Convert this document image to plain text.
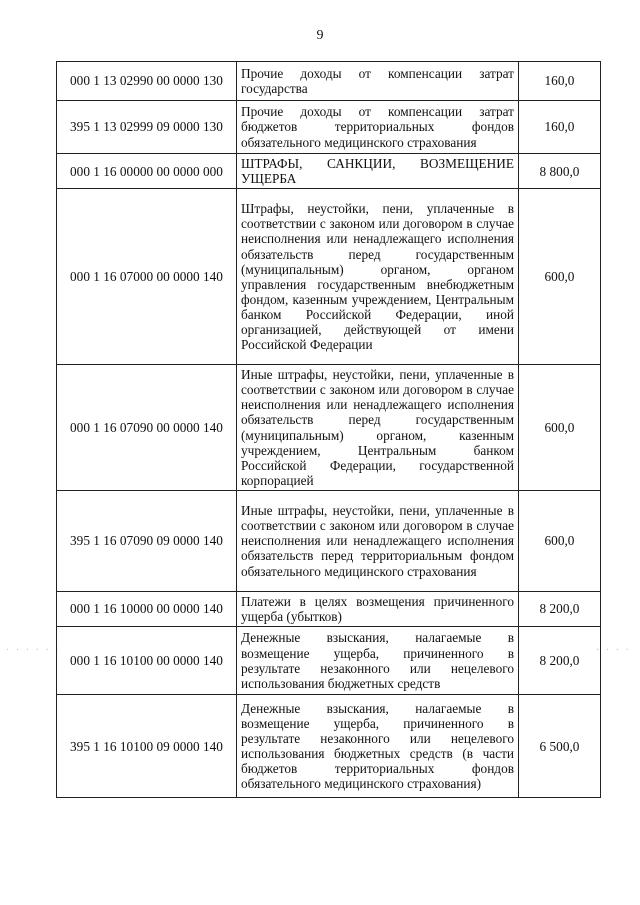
9
· · · · · ·	· · · ·
000 1 13 02990 00 0000 130	Прочие доходы от компенсации затрат государства	160,0
395 1 13 02999 09 0000 130	Прочие доходы от компенсации затрат бюджетов территориальных фондов обязательного медицинского страхования	160,0
000 1 16 00000 00 0000 000	ШТРАФЫ, САНКЦИИ, ВОЗМЕЩЕНИЕ УЩЕРБА	8 800,0
000 1 16 07000 00 0000 140	Штрафы, неустойки, пени, уплаченные в соответствии с законом или договором в случае неисполнения или ненадлежащего исполнения обязательств перед государственным (муниципальным) органом, органом управления государственным внебюджетным фондом, казенным учреждением, Центральным банком Российской Федерации, иной организацией, действующей от имени Российской Федерации	600,0
000 1 16 07090 00 0000 140	Иные штрафы, неустойки, пени, уплаченные в соответствии с законом или договором в случае неисполнения или ненадлежащего исполнения обязательств перед государственным (муниципальным) органом, казенным учреждением, Центральным банком Российской Федерации, государственной корпорацией	600,0
395 1 16 07090 09 0000 140	Иные штрафы, неустойки, пени, уплаченные в соответствии с законом или договором в случае неисполнения или ненадлежащего исполнения обязательств перед территориальным фондом обязательного медицинского страхования	600,0
000 1 16 10000 00 0000 140	Платежи в целях возмещения причиненного ущерба (убытков)	8 200,0
000 1 16 10100 00 0000 140	Денежные взыскания, налагаемые в возмещение ущерба, причиненного в результате незаконного или нецелевого использования бюджетных средств	8 200,0
395 1 16 10100 09 0000 140	Денежные взыскания, налагаемые в возмещение ущерба, причиненного в результате незаконного или нецелевого использования бюджетных средств (в части бюджетов территориальных фондов обязательного медицинского страхования)	6 500,0
